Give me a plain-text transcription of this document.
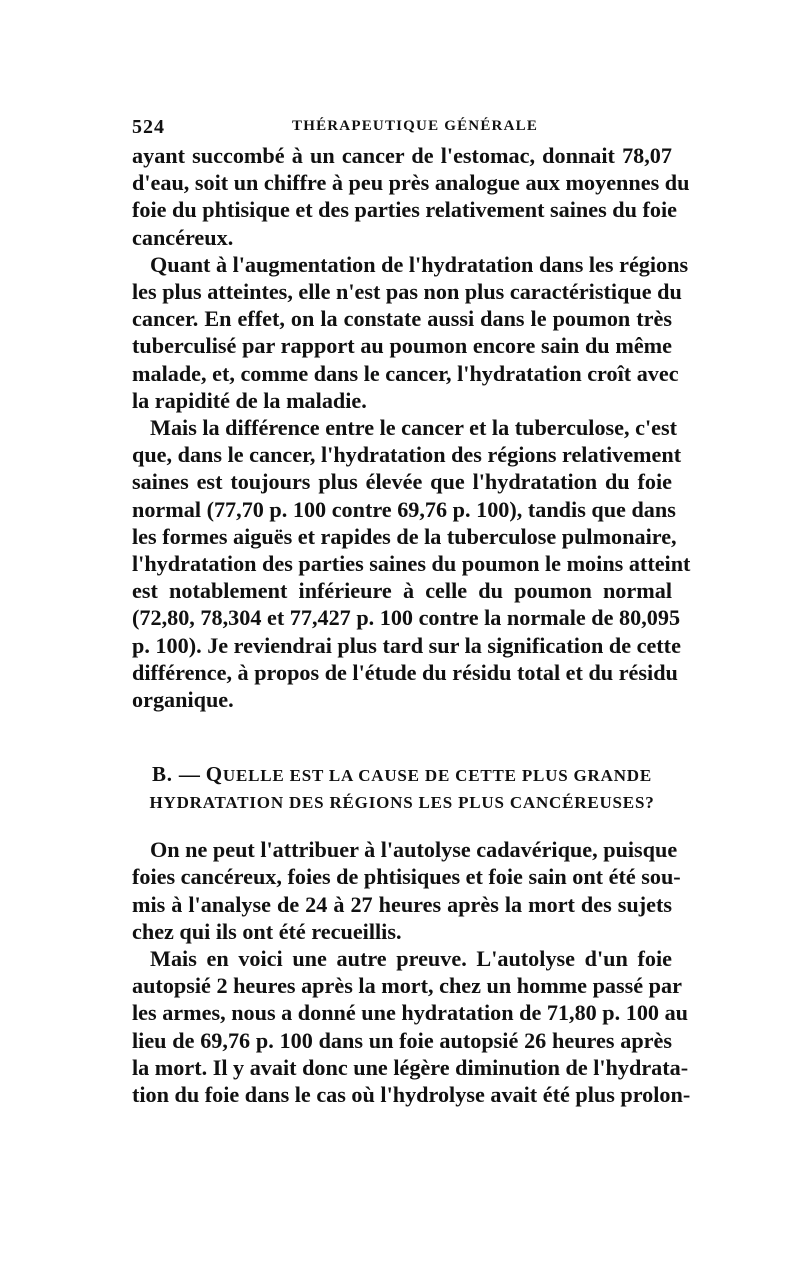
524	THÉRAPEUTIQUE GÉNÉRALE

ayant succombé à un cancer de l'estomac, donnait 78,07
d'eau, soit un chiffre à peu près analogue aux moyennes du
foie du phtisique et des parties relativement saines du foie
cancéreux.

Quant à l'augmentation de l'hydratation dans les régions
les plus atteintes, elle n'est pas non plus caractéristique du
cancer. En effet, on la constate aussi dans le poumon très
tuberculisé par rapport au poumon encore sain du même
malade, et, comme dans le cancer, l'hydratation croît avec
la rapidité de la maladie.

Mais la différence entre le cancer et la tuberculose, c'est
que, dans le cancer, l'hydratation des régions relativement
saines est toujours plus élevée que l'hydratation du foie
normal (77,70 p. 100 contre 69,76 p. 100), tandis que dans
les formes aiguës et rapides de la tuberculose pulmonaire,
l'hydratation des parties saines du poumon le moins atteint
est notablement inférieure à celle du poumon normal
(72,80, 78,304 et 77,427 p. 100 contre la normale de 80,095
p. 100). Je reviendrai plus tard sur la signification de cette
différence, à propos de l'étude du résidu total et du résidu
organique.

B. — QUELLE EST LA CAUSE DE CETTE PLUS GRANDE
HYDRATATION DES RÉGIONS LES PLUS CANCÉREUSES?

On ne peut l'attribuer à l'autolyse cadavérique, puisque
foies cancéreux, foies de phtisiques et foie sain ont été sou-
mis à l'analyse de 24 à 27 heures après la mort des sujets
chez qui ils ont été recueillis.

Mais en voici une autre preuve. L'autolyse d'un foie
autopsié 2 heures après la mort, chez un homme passé par
les armes, nous a donné une hydratation de 71,80 p. 100 au
lieu de 69,76 p. 100 dans un foie autopsié 26 heures après
la mort. Il y avait donc une légère diminution de l'hydrata-
tion du foie dans le cas où l'hydrolyse avait été plus prolon-
